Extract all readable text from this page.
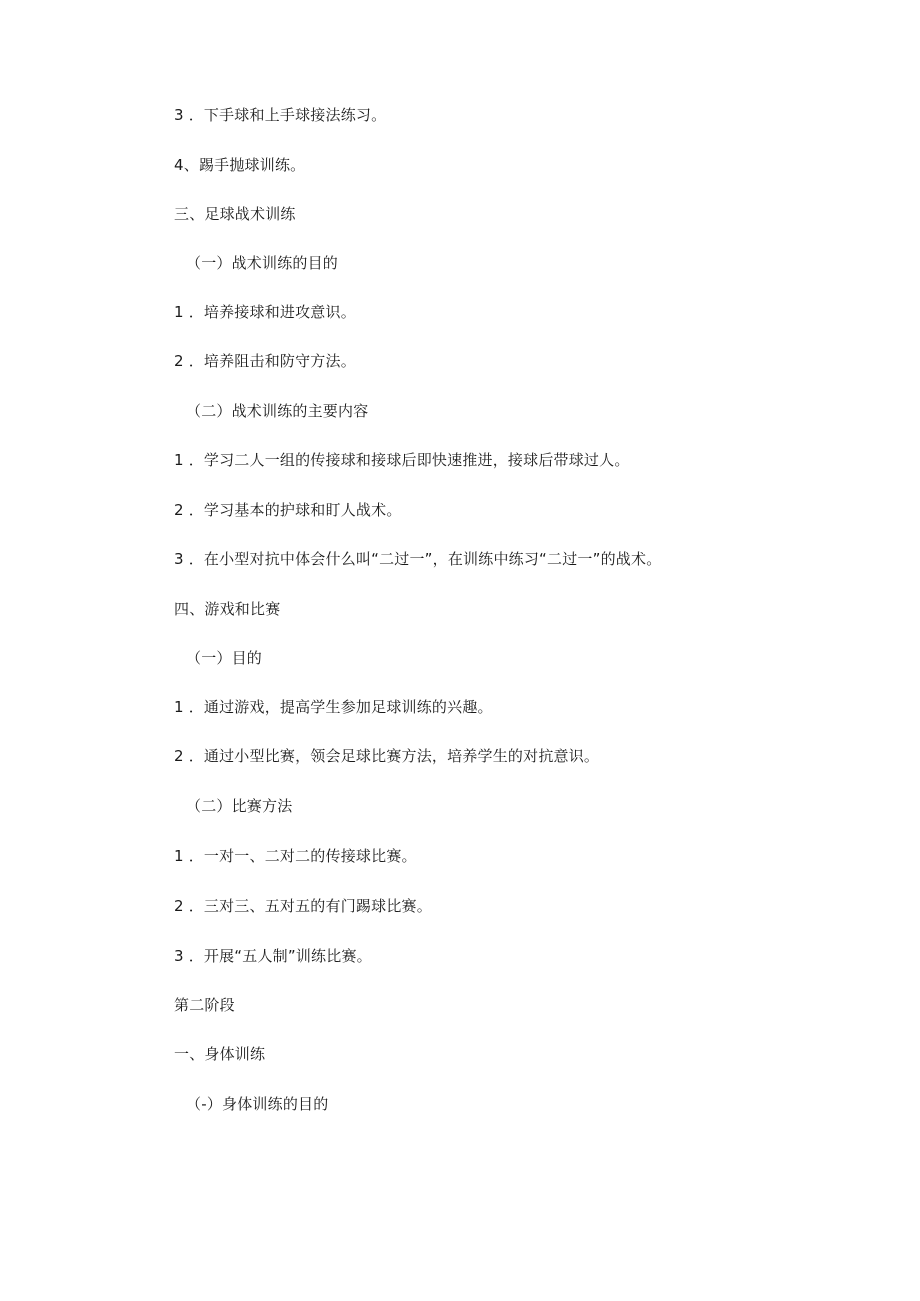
3 ．下手球和上手球接法练习。
4、踢手抛球训练。
三、足球战术训练
（一）战术训练的目的
1 ．培养接球和进攻意识。
2 ．培养阻击和防守方法。
（二）战术训练的主要内容
1 ．学习二人一组的传接球和接球后即快速推进，接球后带球过人。
2 ．学习基本的护球和盯人战术。
3 ．在小型对抗中体会什么叫“二过一”，在训练中练习“二过一”的战术。
四、游戏和比赛
（一）目的
1 ．通过游戏，提高学生参加足球训练的兴趣。
2 ．通过小型比赛，领会足球比赛方法，培养学生的对抗意识。
（二）比赛方法
1 ．一对一、二对二的传接球比赛。
2 ．三对三、五对五的有门踢球比赛。
3 ．开展“五人制”训练比赛。
第二阶段
一、身体训练
（-）身体训练的目的
